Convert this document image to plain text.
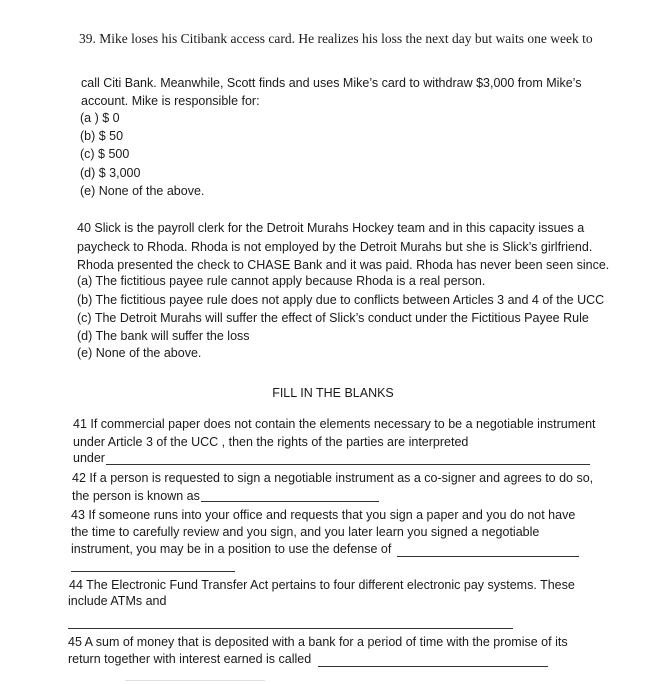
39. Mike loses his Citibank access card. He realizes his loss the next day but waits one week to
call Citi Bank. Meanwhile, Scott finds and uses Mike’s card to withdraw $3,000 from Mike’s
account. Mike is responsible for:
(a ) $ 0
(b) $ 50
(c) $ 500
(d) $ 3,000
(e) None of the above.
40 Slick is the payroll clerk for the Detroit Murahs Hockey team and in this capacity issues a
paycheck to Rhoda. Rhoda is not employed by the Detroit Murahs but she is Slick’s girlfriend.
Rhoda presented the check to CHASE Bank and it was paid. Rhoda has never been seen since.
(a) The fictitious payee rule cannot apply because Rhoda is a real person.
(b) The fictitious payee rule does not apply due to conflicts between Articles 3 and 4 of the UCC
(c) The Detroit Murahs will suffer the effect of Slick’s conduct under the Fictitious Payee Rule
(d) The bank will suffer the loss
(e) None of the above.
FILL IN THE BLANKS
41 If commercial paper does not contain the elements necessary to be a negotiable instrument
under Article 3 of the UCC , then the rights of the parties are interpreted
under
42 If a person is requested to sign a negotiable instrument as a co-signer and agrees to do so,
the person is known as
43 If someone runs into your office and requests that you sign a paper and you do not have
the time to carefully review and you sign, and you later learn you signed a negotiable
instrument, you may be in a position to use the defense of
44 The Electronic Fund Transfer Act pertains to four different electronic pay systems. These
include ATMs and
45 A sum of money that is deposited with a bank for a period of time with the promise of its
return together with interest earned is called
